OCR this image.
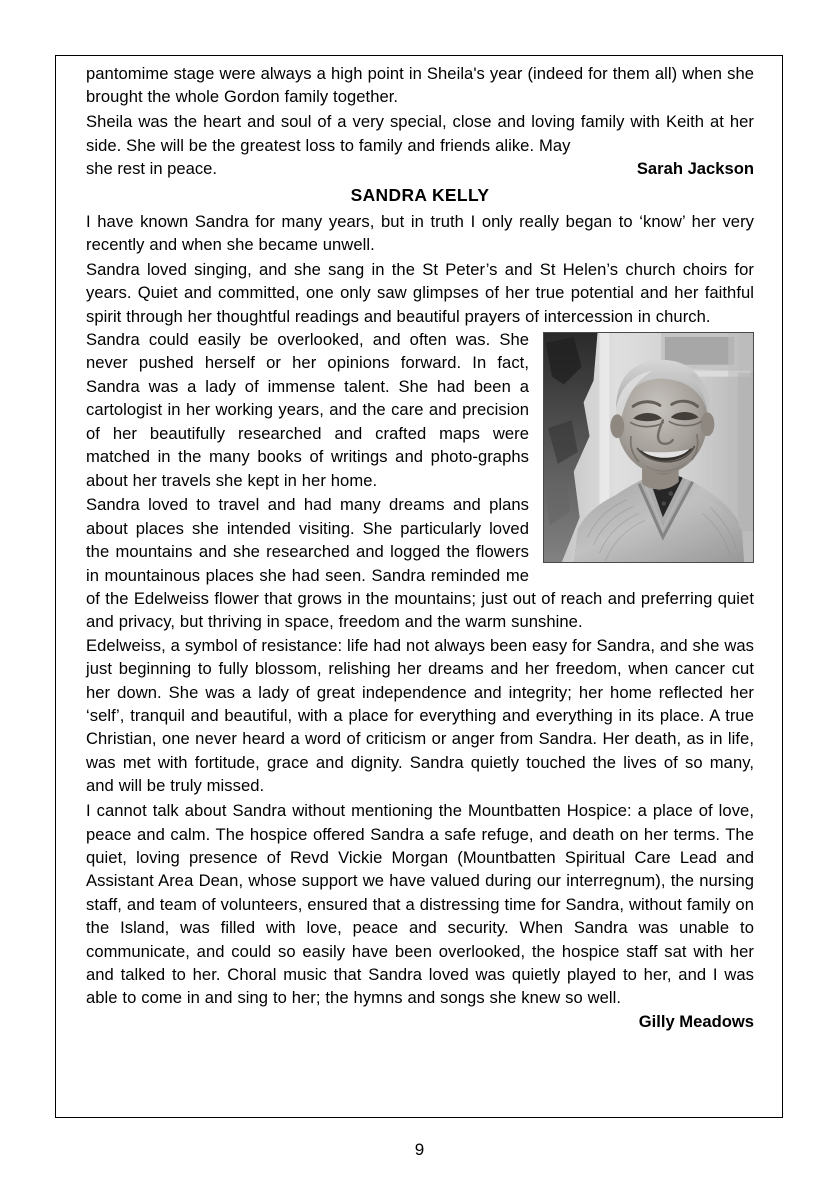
pantomime stage were always a high point in Sheila's year (indeed for them all) when she brought the whole Gordon family together.

Sheila was the heart and soul of a very special, close and loving family with Keith at her side. She will be the greatest loss to family and friends alike. May

she rest in peace.	Sarah Jackson
SANDRA KELLY

I have known Sandra for many years, but in truth I only really began to ‘know’ her very recently and when she became unwell.

Sandra loved singing, and she sang in the St Peter’s and St Helen’s church choirs for years. Quiet and committed, one only saw glimpses of her true potential and her faithful spirit through her thoughtful readings and beautiful prayers of intercession in church.

Sandra could easily be overlooked, and often was. She never pushed herself or her opinions forward. In fact, Sandra was a lady of immense talent. She had been a cartologist in her working years, and the care and precision of her beautifully researched and crafted maps were matched in the many books of writings and photo-graphs about her travels she kept in her home.

Sandra loved to travel and had many dreams and plans about places she intended visiting. She particularly loved the mountains and she researched and logged the flowers in mountainous places she had seen. Sandra reminded me of the Edelweiss flower that grows in the mountains; just out of reach and preferring quiet and privacy, but thriving in space, freedom and the warm sunshine.

Edelweiss, a symbol of resistance: life had not always been easy for Sandra, and she was just beginning to fully blossom, relishing her dreams and her freedom, when cancer cut her down. She was a lady of great independence and integrity; her home reflected her ‘self’, tranquil and beautiful, with a place for everything and everything in its place. A true Christian, one never heard a word of criticism or anger from Sandra. Her death, as in life, was met with fortitude, grace and dignity. Sandra quietly touched the lives of so many, and will be truly missed.

I cannot talk about Sandra without mentioning the Mountbatten Hospice: a place of love, peace and calm. The hospice offered Sandra a safe refuge, and death on her terms. The quiet, loving presence of Revd Vickie Morgan (Mountbatten Spiritual Care Lead and Assistant Area Dean, whose support we have valued during our interregnum), the nursing staff, and team of volunteers, ensured that a distressing time for Sandra, without family on the Island, was filled with love, peace and security. When Sandra was unable to communicate, and could so easily have been overlooked, the hospice staff sat with her and talked to her. Choral music that Sandra loved was quietly played to her, and I was able to come in and sing to her; the hymns and songs she knew so well.

Gilly Meadows

9
